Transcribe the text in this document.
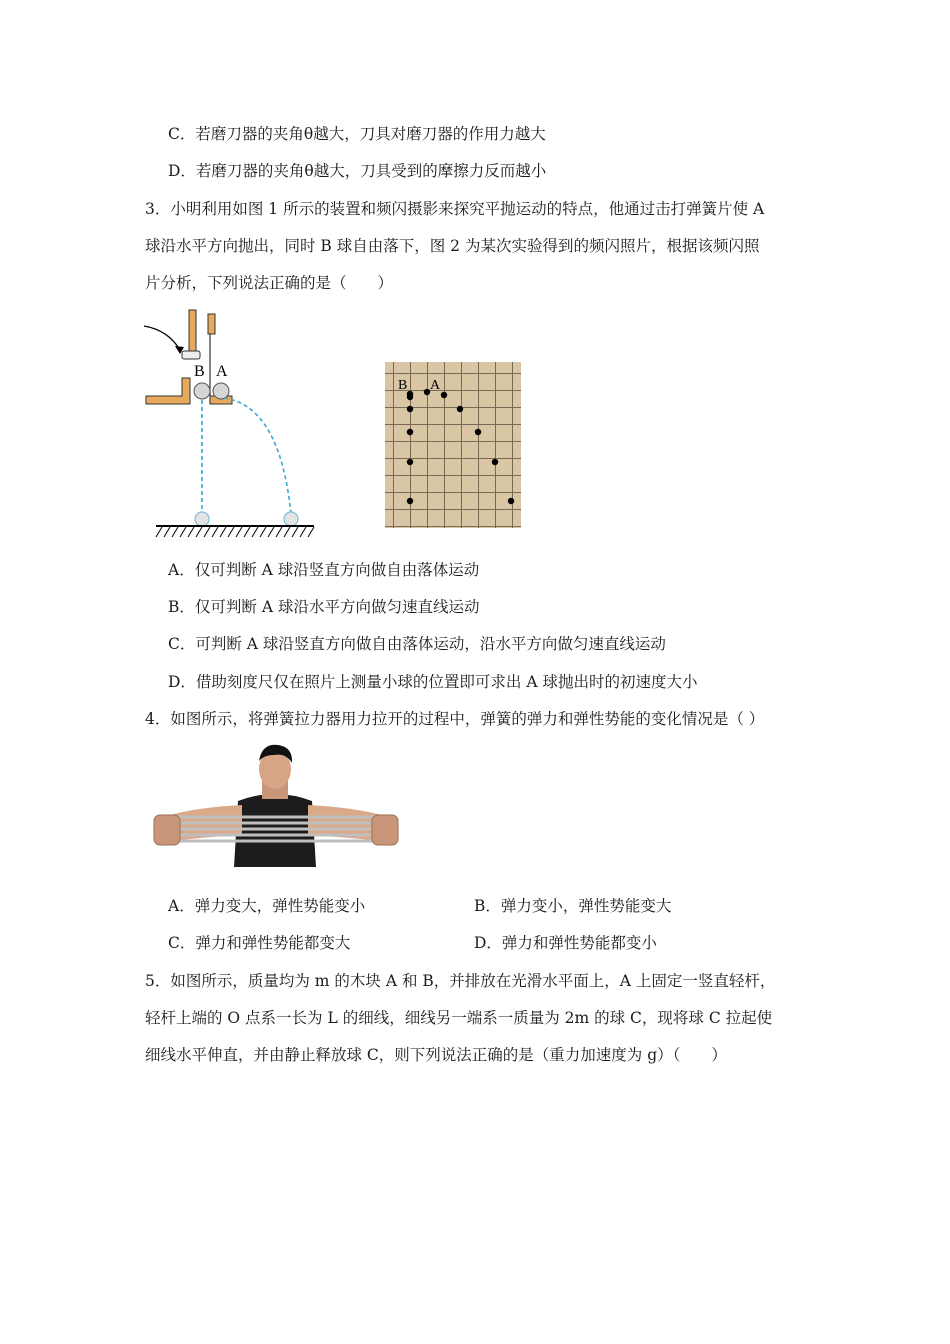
C．若磨刀器的夹角θ越大，刀具对磨刀器的作用力越大
D．若磨刀器的夹角θ越大，刀具受到的摩擦力反而越小
3．小明利用如图 1 所示的装置和频闪摄影来探究平抛运动的特点，他通过击打弹簧片使 A
球沿水平方向抛出，同时 B 球自由落下，图 2 为某次实验得到的频闪照片，根据该频闪照
片分析，下列说法正确的是（　　）
B A
B A
A．仅可判断 A 球沿竖直方向做自由落体运动
B．仅可判断 A 球沿水平方向做匀速直线运动
C．可判断 A 球沿竖直方向做自由落体运动，沿水平方向做匀速直线运动
D．借助刻度尺仅在照片上测量小球的位置即可求出 A 球抛出时的初速度大小
4．如图所示，将弹簧拉力器用力拉开的过程中，弹簧的弹力和弹性势能的变化情况是（ ）
A．弹力变大，弹性势能变小	B．弹力变小，弹性势能变大
C．弹力和弹性势能都变大	D．弹力和弹性势能都变小
5．如图所示，质量均为 m 的木块 A 和 B，并排放在光滑水平面上，A 上固定一竖直轻杆，
轻杆上端的 O 点系一长为 L 的细线，细线另一端系一质量为 2m 的球 C，现将球 C 拉起使
细线水平伸直，并由静止释放球 C，则下列说法正确的是（重力加速度为 g）（　　）
